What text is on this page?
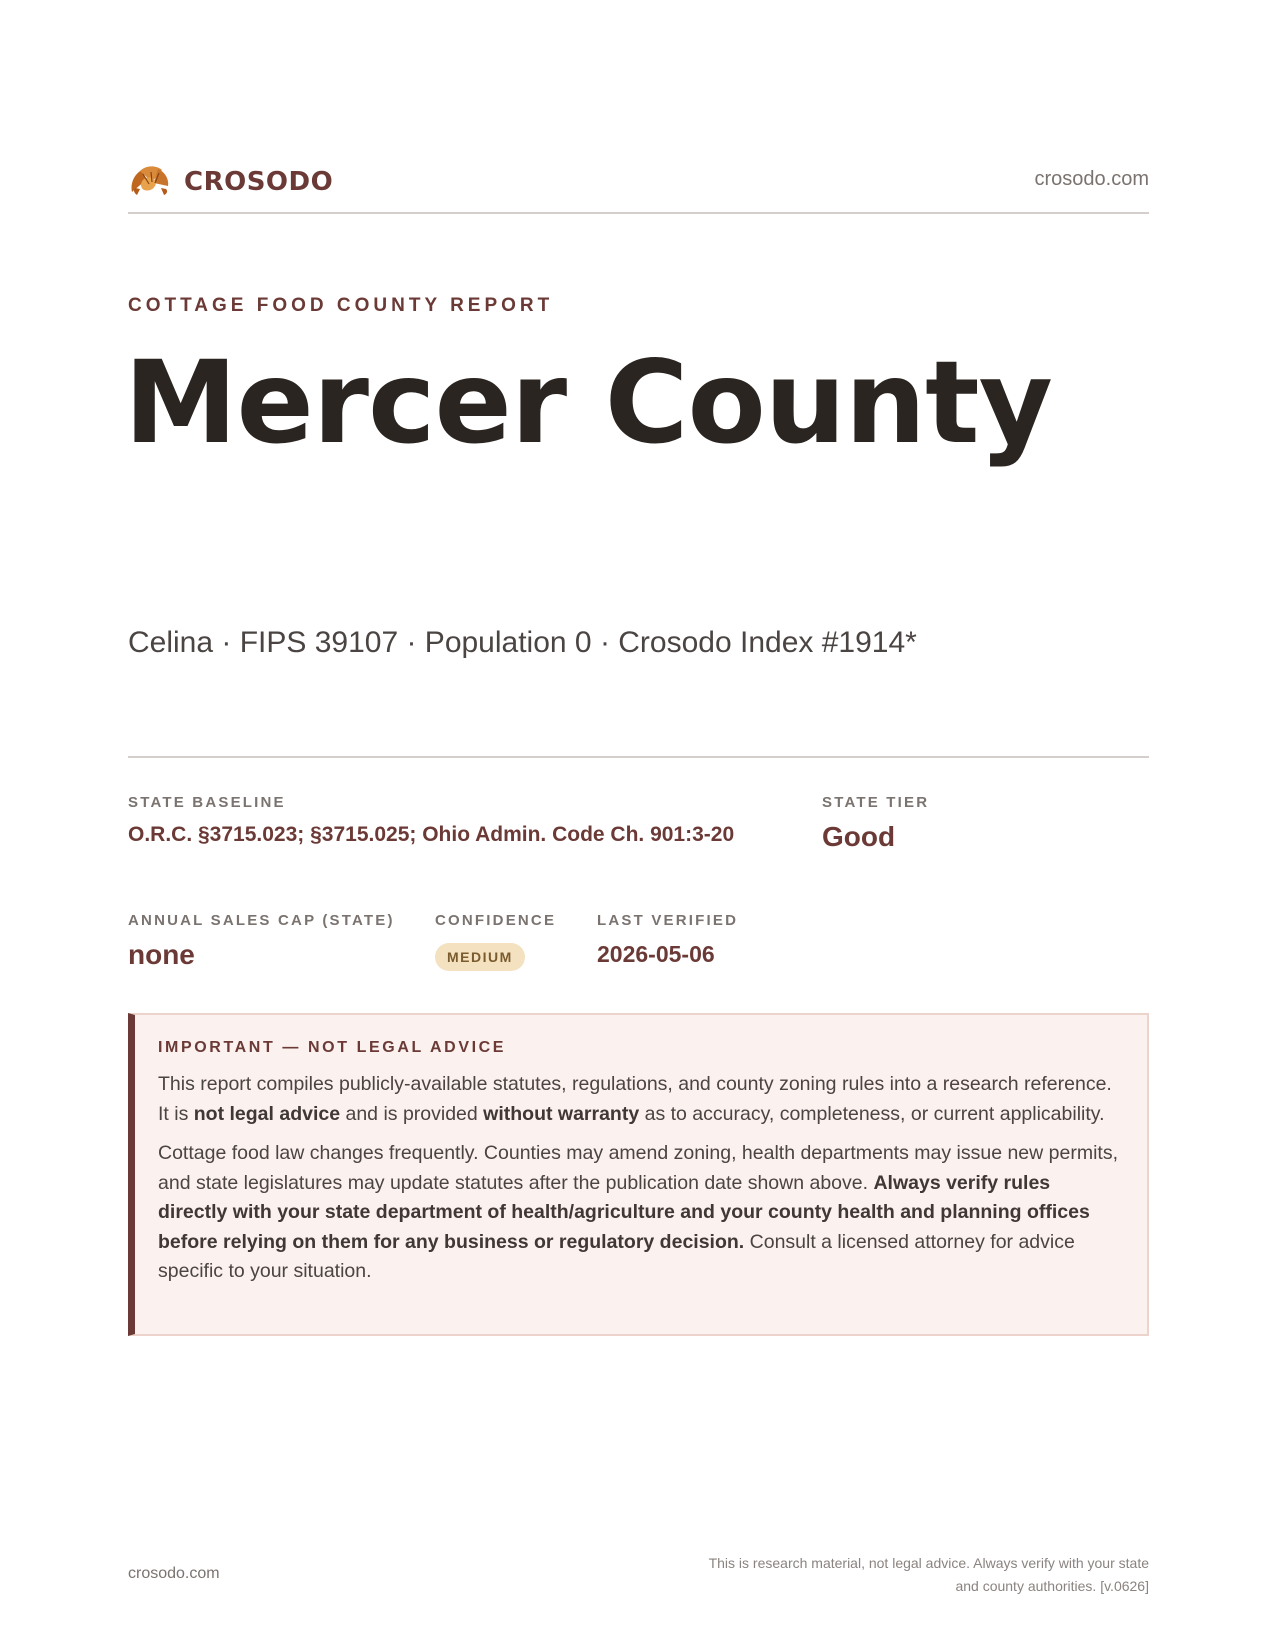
CROSODO	crosodo.com
COTTAGE FOOD COUNTY REPORT
Mercer County
Celina · FIPS 39107 · Population 0 · Crosodo Index #1914*
STATE BASELINE
O.R.C. §3715.023; §3715.025; Ohio Admin. Code Ch. 901:3-20
STATE TIER
Good
ANNUAL SALES CAP (STATE)
none
CONFIDENCE
MEDIUM
LAST VERIFIED
2026-05-06
IMPORTANT — NOT LEGAL ADVICE

This report compiles publicly-available statutes, regulations, and county zoning rules into a research reference. It is not legal advice and is provided without warranty as to accuracy, completeness, or current applicability.

Cottage food law changes frequently. Counties may amend zoning, health departments may issue new permits, and state legislatures may update statutes after the publication date shown above. Always verify rules directly with your state department of health/agriculture and your county health and planning offices before relying on them for any business or regulatory decision. Consult a licensed attorney for advice specific to your situation.

crosodo.com
This is research material, not legal advice. Always verify with your state
and county authorities. [v.0626]
